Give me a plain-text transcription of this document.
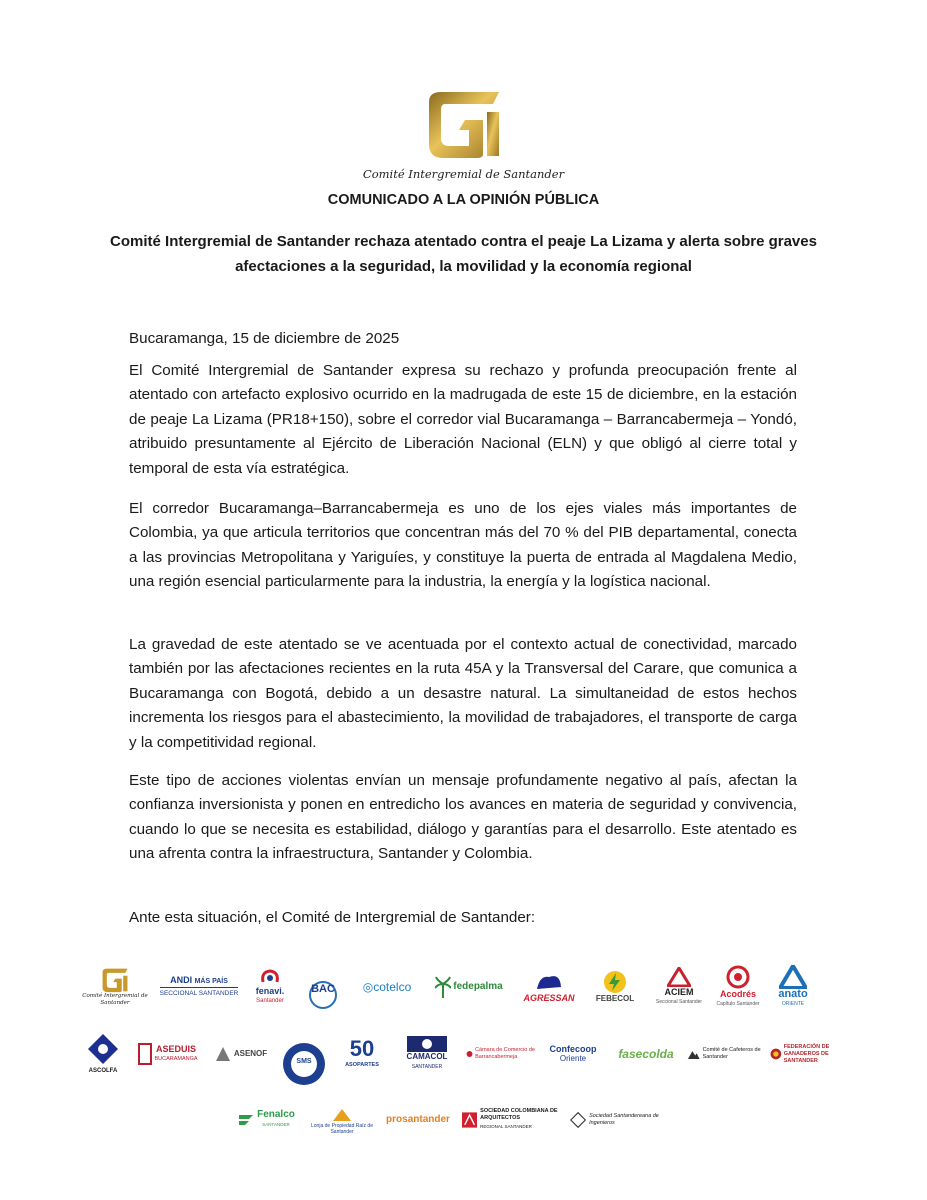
Comité Intergremial de Santander
COMUNICADO A LA OPINIÓN PÚBLICA
Comité Intergremial de Santander rechaza atentado contra el peaje La Lizama y alerta sobre graves afectaciones a la seguridad, la movilidad y la economía regional
Bucaramanga, 15 de diciembre de 2025
El Comité Intergremial de Santander expresa su rechazo y profunda preocupación frente al atentado con artefacto explosivo ocurrido en la madrugada de este 15 de diciembre, en la estación de peaje La Lizama (PR18+150), sobre el corredor vial Bucaramanga – Barrancabermeja – Yondó, atribuido presuntamente al Ejército de Liberación Nacional (ELN) y que obligó al cierre total y temporal de esta vía estratégica.
El corredor Bucaramanga–Barrancabermeja es uno de los ejes viales más importantes de Colombia, ya que articula territorios que concentran más del 70 % del PIB departamental, conecta a las provincias Metropolitana y Yariguíes, y constituye la puerta de entrada al Magdalena Medio, una región esencial particularmente para la industria, la energía y la logística nacional.
La gravedad de este atentado se ve acentuada por el contexto actual de conectividad, marcado también por las afectaciones recientes en la ruta 45A y la Transversal del Carare, que comunica a Bucaramanga con Bogotá, debido a un desastre natural. La simultaneidad de estos hechos incrementa los riesgos para el abastecimiento, la movilidad de trabajadores, el transporte de carga y la competitividad regional.
Este tipo de acciones violentas envían un mensaje profundamente negativo al país, afectan la confianza inversionista y ponen en entredicho los avances en materia de seguridad y convivencia, cuando lo que se necesita es estabilidad, diálogo y garantías para el desarrollo. Este atentado es una afrenta contra la infraestructura, Santander y Colombia.
Ante esta situación, el Comité de Intergremial de Santander:
Comité Intergremial de Santander
ANDI MÁS PAÍS
SECCIONAL SANTANDER fenavi.
Santander
BAC ◎cotelco	fedepalma
AGRESSAN	FEBECOL
ACIEM
Seccional Santander
Acodrés
Capítulo Santander
anato
ORIENTE
ASCOLFA
ASEDUIS
BUCARAMANGA
ASENOF
SMS
50
ASOPARTES
CAMACOL
SANTANDER
Cámara de Comercio de Barrancabermeja
Confecoop
Oriente	fasecolda	Comité de Cafeteros de Santander
FEDERACIÓN DE GANADEROS DE SANTANDER
Fenalco
SANTANDER	Lonja de Propiedad Raíz de Santander
prosantander
SOCIEDAD COLOMBIANA DE ARQUITECTOS
REGIONAL SANTANDER
Sociedad Santandereana de Ingenieros
